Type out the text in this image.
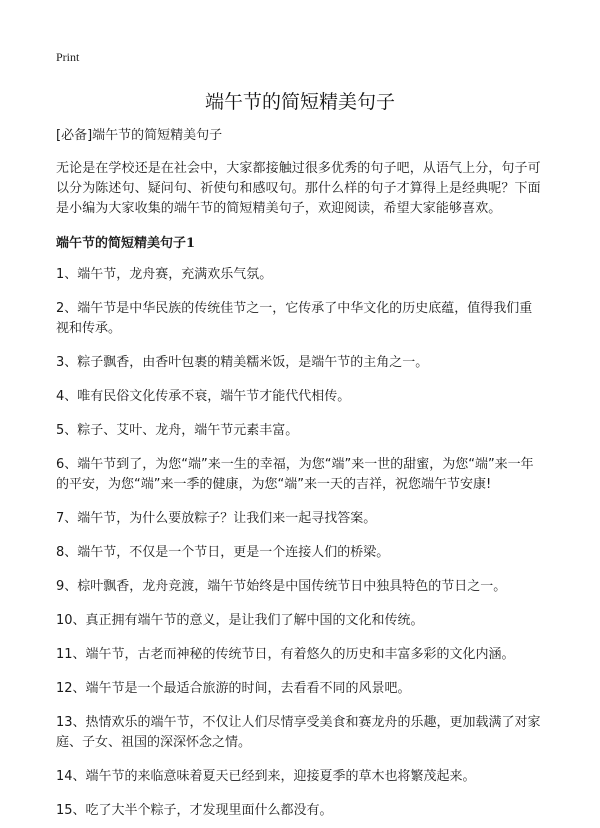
Print
端午节的简短精美句子

[必备]端午节的简短精美句子

无论是在学校还是在社会中，大家都接触过很多优秀的句子吧，从语气上分，句子可以分为陈述句、疑问句、祈使句和感叹句。那什么样的句子才算得上是经典呢？下面是小编为大家收集的端午节的简短精美句子，欢迎阅读，希望大家能够喜欢。

端午节的简短精美句子1
1、端午节，龙舟赛，充满欢乐气氛。
2、端午节是中华民族的传统佳节之一，它传承了中华文化的历史底蕴，值得我们重视和传承。
3、粽子飘香，由香叶包裹的精美糯米饭，是端午节的主角之一。
4、唯有民俗文化传承不衰，端午节才能代代相传。
5、粽子、艾叶、龙舟，端午节元素丰富。
6、端午节到了，为您“端”来一生的幸福，为您“端”来一世的甜蜜，为您“端”来一年的平安，为您“端”来一季的健康，为您“端”来一天的吉祥，祝您端午节安康!
7、端午节，为什么要放粽子？让我们来一起寻找答案。
8、端午节，不仅是一个节日，更是一个连接人们的桥梁。
9、棕叶飘香，龙舟竞渡，端午节始终是中国传统节日中独具特色的节日之一。
10、真正拥有端午节的意义，是让我们了解中国的文化和传统。
11、端午节，古老而神秘的传统节日，有着悠久的历史和丰富多彩的文化内涵。
12、端午节是一个最适合旅游的时间，去看看不同的风景吧。
13、热情欢乐的端午节，不仅让人们尽情享受美食和赛龙舟的乐趣，更加载满了对家庭、子女、祖国的深深怀念之情。
14、端午节的来临意味着夏天已经到来，迎接夏季的草木也将繁茂起来。
15、吃了大半个粽子，才发现里面什么都没有。
